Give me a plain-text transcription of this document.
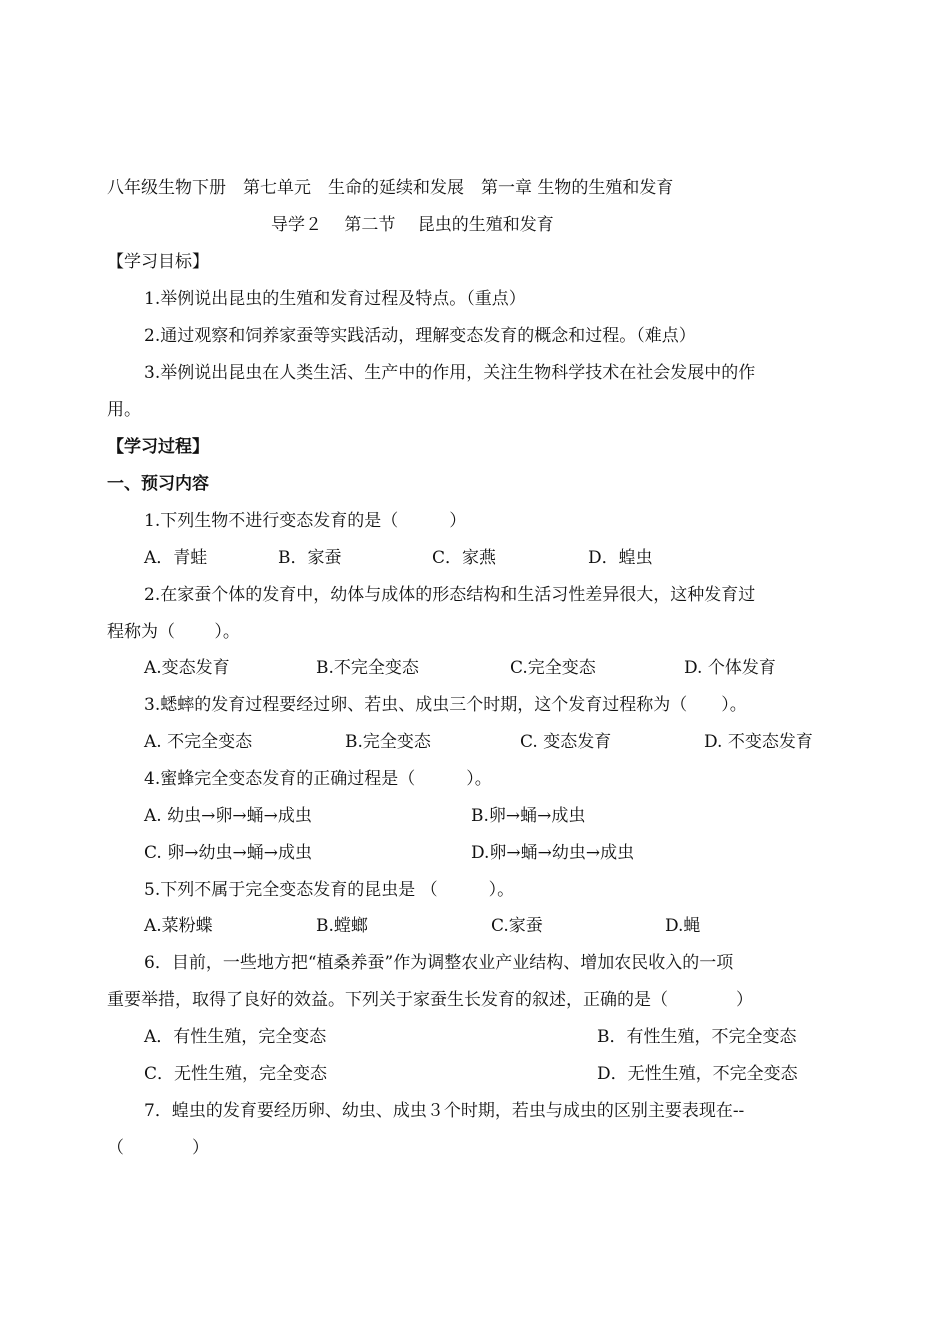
八年级生物下册　第七单元　生命的延续和发展　第一章 生物的生殖和发育
导学２　 第二节　 昆虫的生殖和发育
【学习目标】
1.举例说出昆虫的生殖和发育过程及特点。（重点）
2.通过观察和饲养家蚕等实践活动，理解变态发育的概念和过程。（难点）
3.举例说出昆虫在人类生活、生产中的作用，关注生物科学技术在社会发展中的作
用。
【学习过程】
一、预习内容
1.下列生物不进行变态发育的是（　　　）
A．青蛙	B．家蚕	C．家燕	D．蝗虫
2.在家蚕个体的发育中，幼体与成体的形态结构和生活习性差异很大，这种发育过
程称为（　　 ）。
A.变态发育	B.不完全变态	C.完全变态	D. 个体发育
3.蟋蟀的发育过程要经过卵、若虫、成虫三个时期，这个发育过程称为（　　）。
A. 不完全变态	B.完全变态	C. 变态发育	D. 不变态发育
4.蜜蜂完全变态发育的正确过程是（　　　）。
A. 幼虫→卵→蛹→成虫	B.卵→蛹→成虫
C. 卵→幼虫→蛹→成虫	D.卵→蛹→幼虫→成虫
5.下列不属于完全变态发育的昆虫是 （　　　）。
A.菜粉蝶	B.螳螂	C.家蚕	D.蝇
6．目前，一些地方把“植桑养蚕”作为调整农业产业结构、增加农民收入的一项
重要举措，取得了良好的效益。下列关于家蚕生长发育的叙述，正确的是（　　　　）
A．有性生殖，完全变态	B．有性生殖，不完全变态
C．无性生殖，完全变态	D．无性生殖，不完全变态
7．蝗虫的发育要经历卵、幼虫、成虫３个时期，若虫与成虫的区别主要表现在--
（　　　　）
